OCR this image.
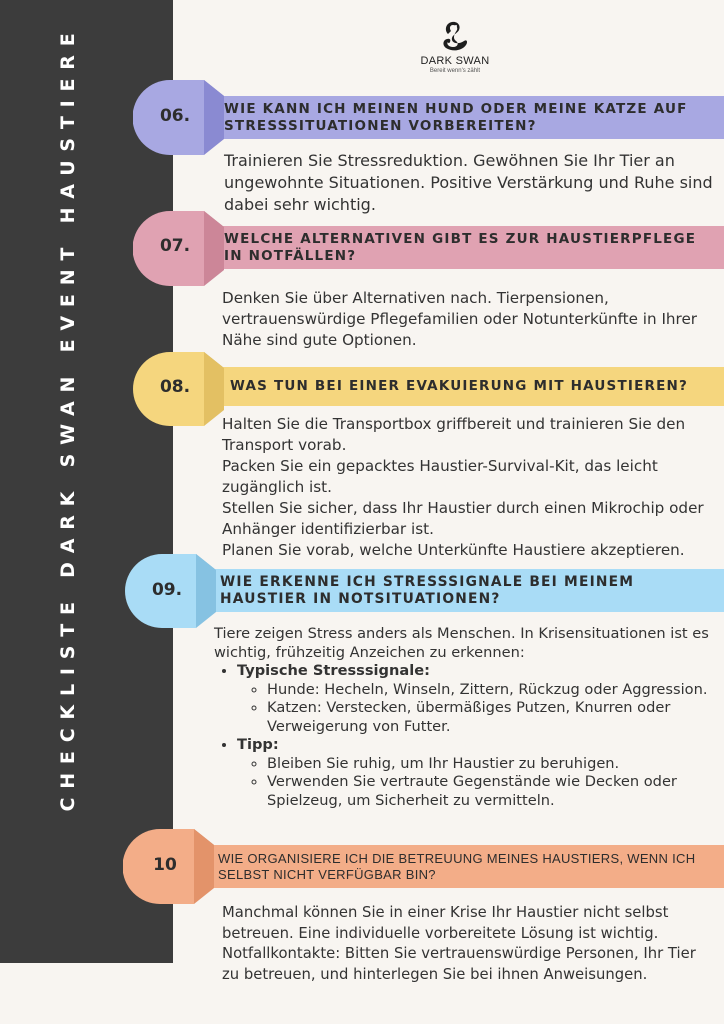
CHECKLISTE DARK SWAN EVENT HAUSTIERE	DARK SWAN
Bereit wenn's zählt
WIE KANN ICH MEINEN HUND ODER MEINE KATZE AUF STRESSSITUATIONEN VORBEREITEN?
06.

Trainieren Sie Stressreduktion. Gewöhnen Sie Ihr Tier an ungewohnte Situationen. Positive Verstärkung und Ruhe sind dabei sehr wichtig.

WELCHE ALTERNATIVEN GIBT ES ZUR HAUSTIERPFLEGE IN NOTFÄLLEN?
07.

Denken Sie über Alternativen nach. Tierpensionen, vertrauenswürdige Pflegefamilien oder Notunterkünfte in Ihrer Nähe sind gute Optionen.

WAS TUN BEI EINER EVAKUIERUNG MIT HAUSTIEREN?
08.

Halten Sie die Transportbox griffbereit und trainieren Sie den Transport vorab.

Packen Sie ein gepacktes Haustier-Survival-Kit, das leicht zugänglich ist.

Stellen Sie sicher, dass Ihr Haustier durch einen Mikrochip oder Anhänger identifizierbar ist.

Planen Sie vorab, welche Unterkünfte Haustiere akzeptieren.

WIE ERKENNE ICH STRESSSIGNALE BEI MEINEM HAUSTIER IN NOTSITUATIONEN?
09.

Tiere zeigen Stress anders als Menschen. In Krisensituationen ist es wichtig, frühzeitig Anzeichen zu erkennen:

• Typische Stresssignale:
◦ Hunde: Hecheln, Winseln, Zittern, Rückzug oder Aggression.
◦ Katzen: Verstecken, übermäßiges Putzen, Knurren oder Verweigerung von Futter.
• Tipp:
◦ Bleiben Sie ruhig, um Ihr Haustier zu beruhigen.
◦ Verwenden Sie vertraute Gegenstände wie Decken oder Spielzeug, um Sicherheit zu vermitteln.
WIE ORGANISIERE ICH DIE BETREUUNG MEINES HAUSTIERS, WENN ICH SELBST NICHT VERFÜGBAR BIN?
10

Manchmal können Sie in einer Krise Ihr Haustier nicht selbst betreuen. Eine individuelle vorbereitete Lösung ist wichtig.

Notfallkontakte: Bitten Sie vertrauenswürdige Personen, Ihr Tier zu betreuen, und hinterlegen Sie bei ihnen Anweisungen.
